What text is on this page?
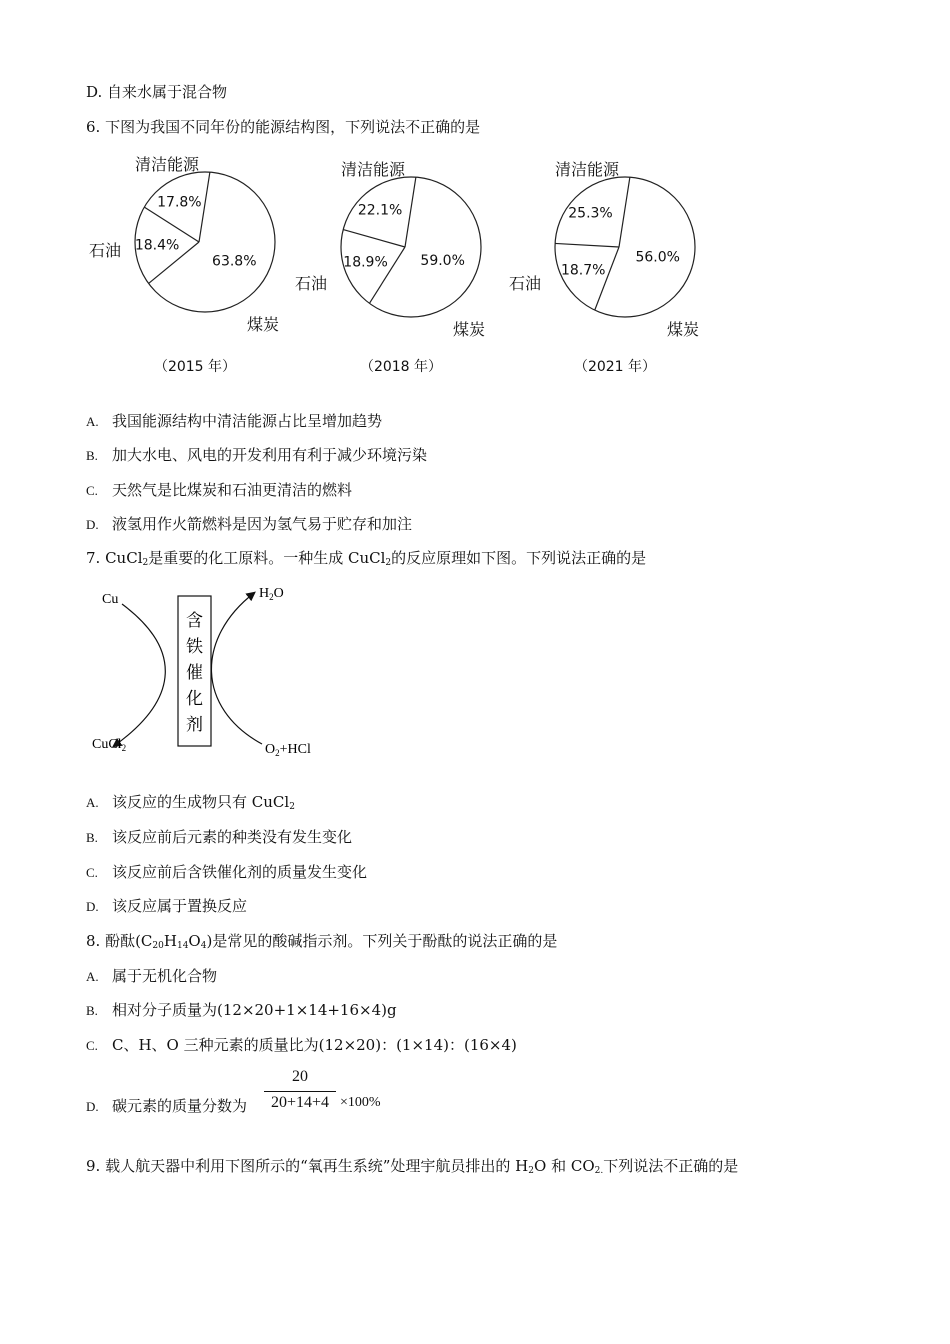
D. 自来水属于混合物
6. 下图为我国不同年份的能源结构图，下列说法不正确的是
63.8%
18.4%
17.8%
清洁能源
石油
煤炭
（2015 年）
59.0%
18.9%
22.1%
清洁能源
石油
煤炭
（2018 年）
56.0%
18.7%
25.3%
清洁能源
石油
煤炭
（2021 年）
A. 我国能源结构中清洁能源占比呈增加趋势
B. 加大水电、风电的开发利用有利于减少环境污染
C. 天然气是比煤炭和石油更清洁的燃料
D. 液氢用作火箭燃料是因为氢气易于贮存和加注
7. CuCl$_2$是重要的化工原料。一种生成 CuCl$_2$的反应原理如下图。下列说法正确的是
含
铁
催
化
剂
Cu
CuCl$_2$
$H_2O$
$O_2+HCl$
A. 该反应的生成物只有 CuCl$_2$
B. 该反应前后元素的种类没有发生变化
C. 该反应前后含铁催化剂的质量发生变化
D. 该反应属于置换反应
8. 酚酞$(C_{20}H_{14}O_4)$是常见的酸碱指示剂。下列关于酚酞的说法正确的是
A. 属于无机化合物
B. 相对分子质量为(12×20+1×14+16×4)g
C. C、H、O 三种元素的质量比为(12×20)：(1×14)：(16×4)
D. 碳元素的质量分数为
20
20+14+4 ×100%
9. 载人航天器中利用下图所示的“氧再生系统”处理宇航员排出的 $H_2O$ 和 $CO_{2.}$下列说法不正确的是
